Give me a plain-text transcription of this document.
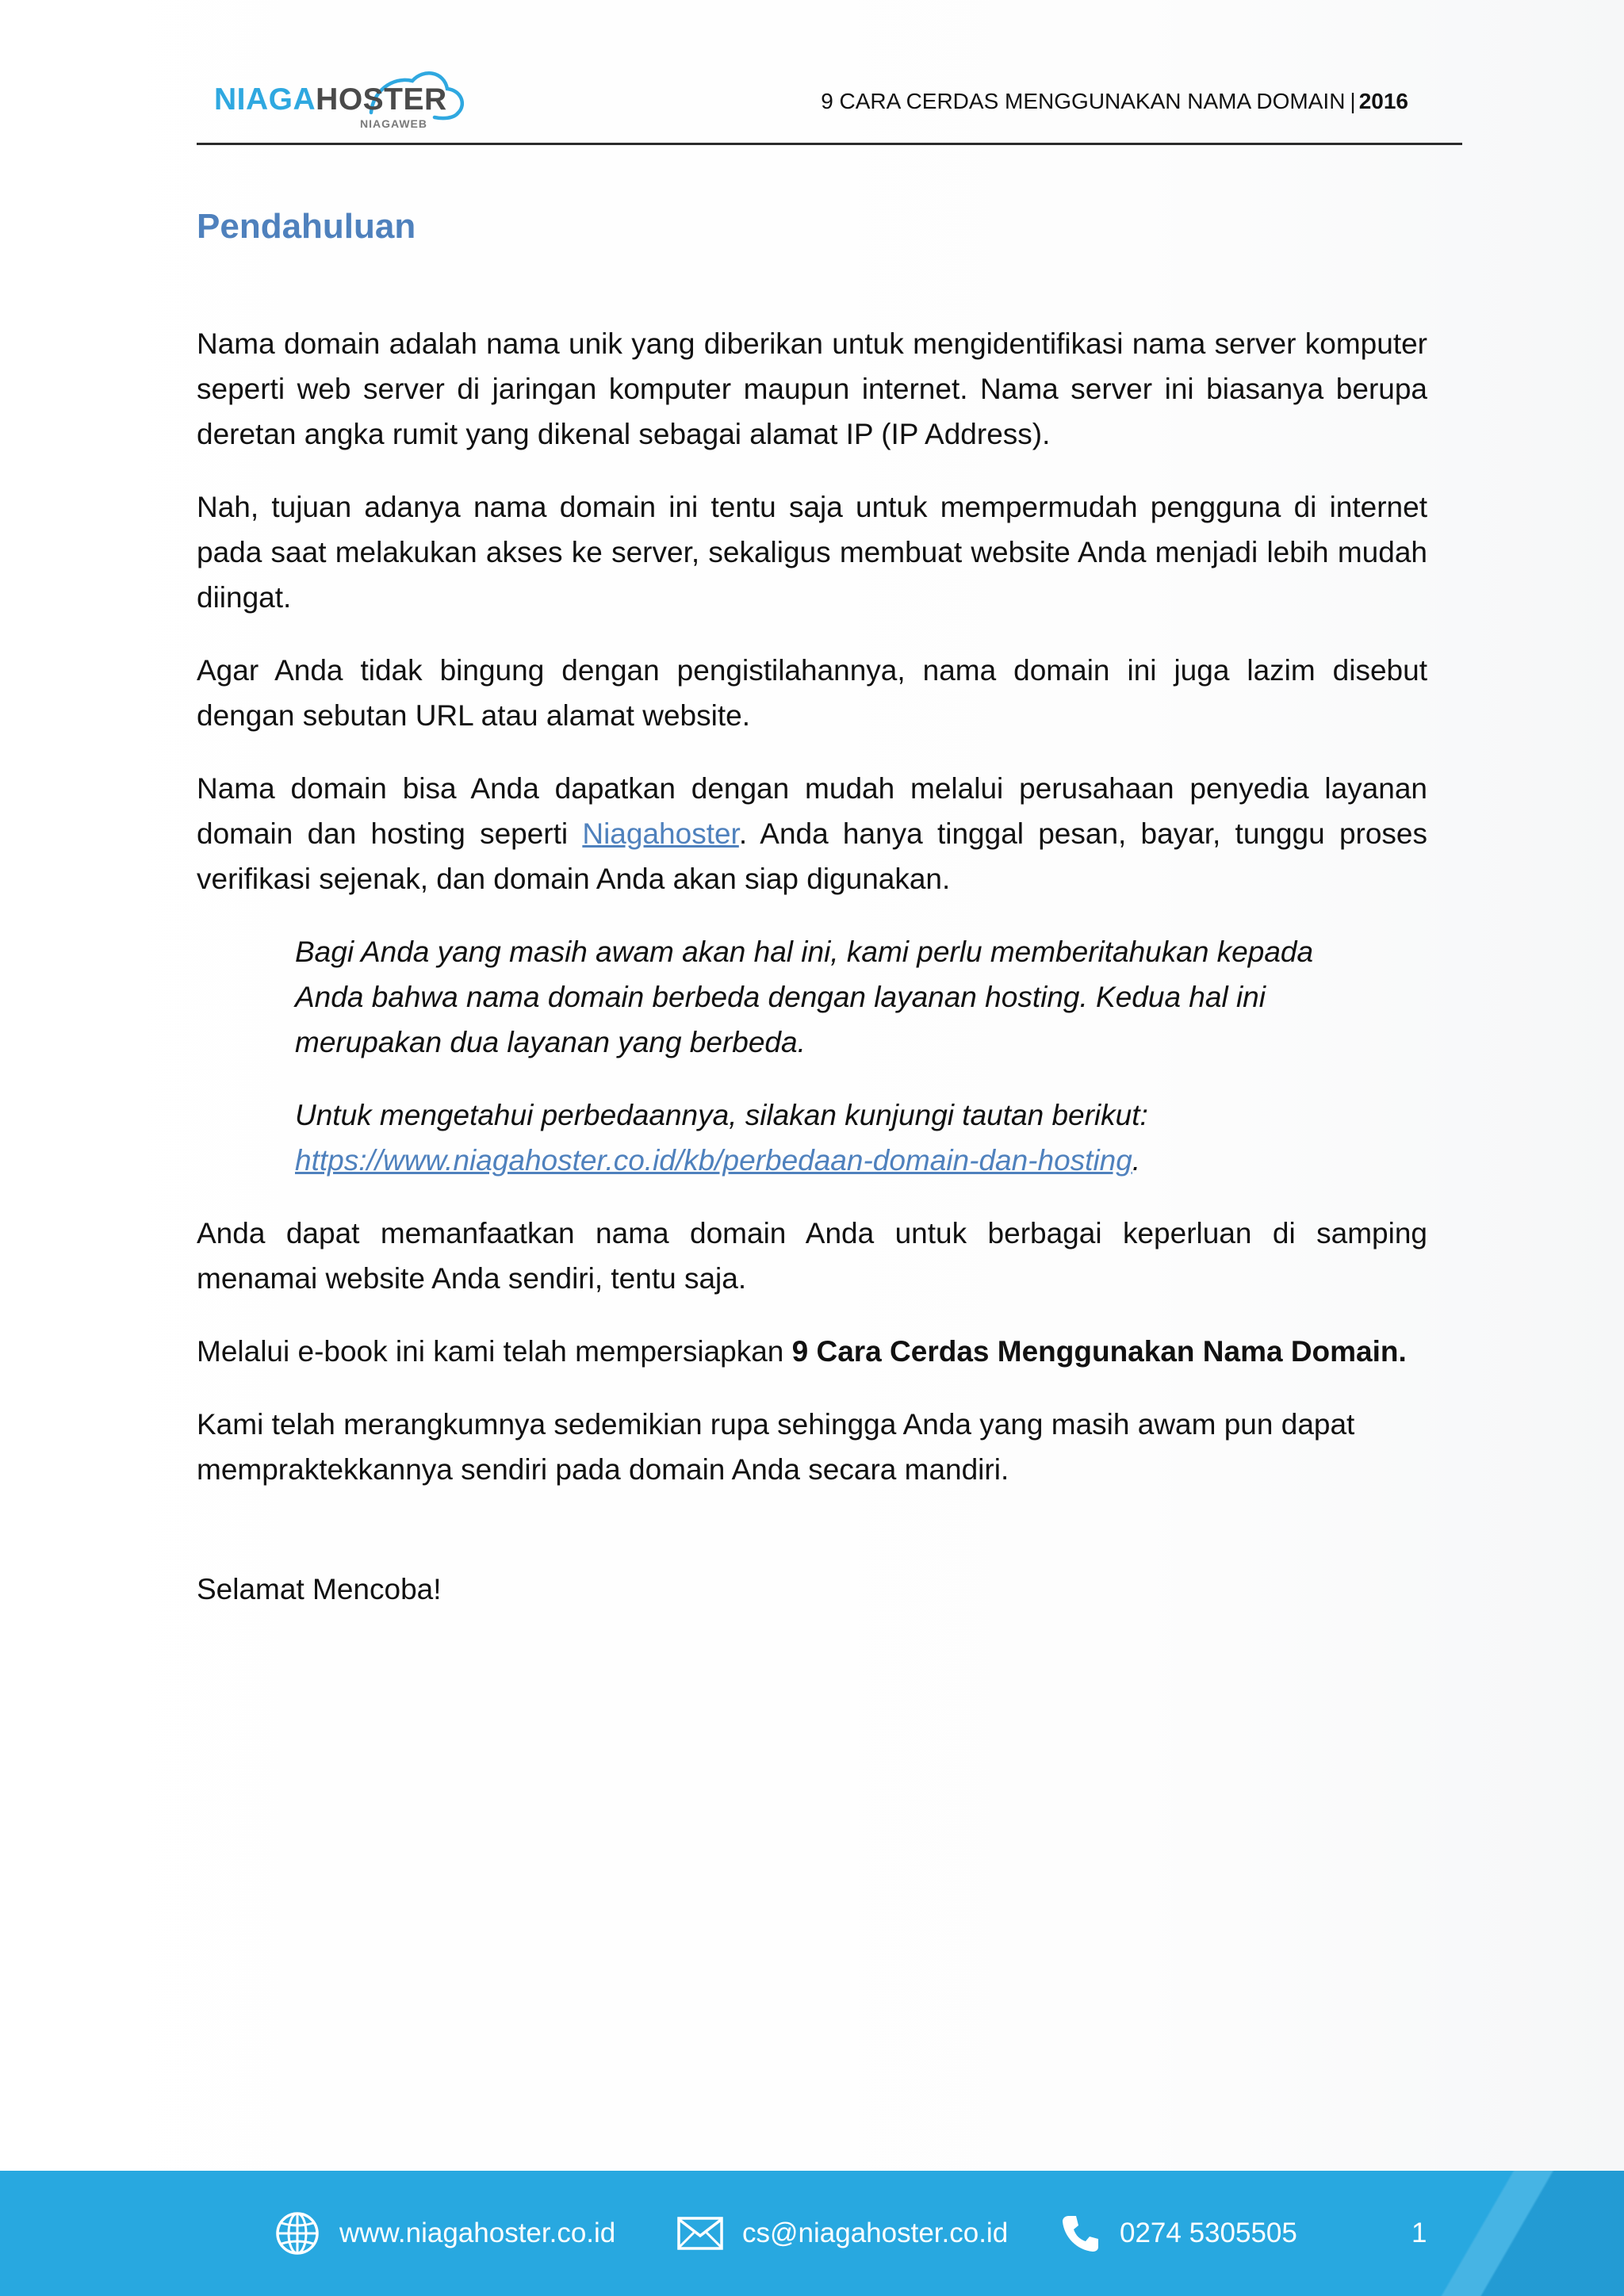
NIAGAHOSTER
NIAGAWEB
9 CARA CERDAS MENGGUNAKAN NAMA DOMAIN | 2016
Pendahuluan

Nama domain adalah nama unik yang diberikan untuk mengidentifikasi nama server komputer seperti web server di jaringan komputer maupun internet. Nama server ini biasanya berupa deretan angka rumit yang dikenal sebagai alamat IP (IP Address).

Nah, tujuan adanya nama domain ini tentu saja untuk mempermudah pengguna di internet pada saat melakukan akses ke server, sekaligus membuat website Anda menjadi lebih mudah diingat.

Agar Anda tidak bingung dengan pengistilahannya, nama domain ini juga lazim disebut dengan sebutan URL atau alamat website.

Nama domain bisa Anda dapatkan dengan mudah melalui perusahaan penyedia layanan domain dan hosting seperti Niagahoster. Anda hanya tinggal pesan, bayar, tunggu proses verifikasi sejenak, dan domain Anda akan siap digunakan.

Bagi Anda yang masih awam akan hal ini, kami perlu memberitahukan kepada Anda bahwa nama domain berbeda dengan layanan hosting. Kedua hal ini merupakan dua layanan yang berbeda.

Untuk mengetahui perbedaannya, silakan kunjungi tautan berikut: https://www.niagahoster.co.id/kb/perbedaan-domain-dan-hosting.

Anda dapat memanfaatkan nama domain Anda untuk berbagai keperluan di samping menamai website Anda sendiri, tentu saja.

Melalui e-book ini kami telah mempersiapkan 9 Cara Cerdas Menggunakan Nama Domain.

Kami telah merangkumnya sedemikian rupa sehingga Anda yang masih awam pun dapat mempraktekkannya sendiri pada domain Anda secara mandiri.

Selamat Mencoba!

www.niagahoster.co.id	cs@niagahoster.co.id	0274 5305505	1
